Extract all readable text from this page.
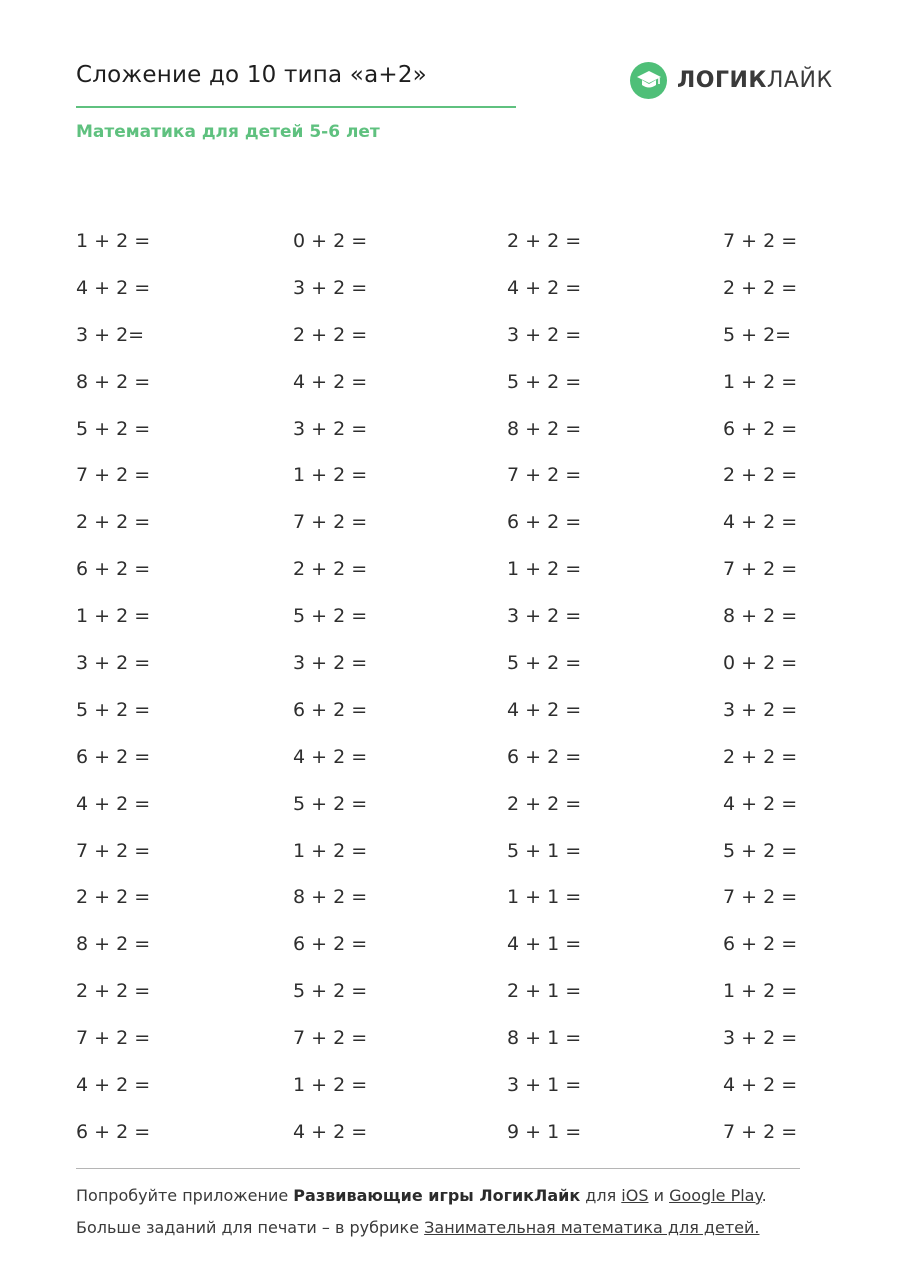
Сложение до 10 типа «а+2»
Математика для детей 5-6 лет
ЛОГИКЛАЙК
1 + 2 =	0 + 2 =	2 + 2 =	7 + 2 =
4 + 2 =	3 + 2 =	4 + 2 =	2 + 2 =
3 + 2=	2 + 2 =	3 + 2 =	5 + 2=
8 + 2 =	4 + 2 =	5 + 2 =	1 + 2 =
5 + 2 =	3 + 2 =	8 + 2 =	6 + 2 =
7 + 2 =	1 + 2 =	7 + 2 =	2 + 2 =
2 + 2 =	7 + 2 =	6 + 2 =	4 + 2 =
6 + 2 =	2 + 2 =	1 + 2 =	7 + 2 =
1 + 2 =	5 + 2 =	3 + 2 =	8 + 2 =
3 + 2 =	3 + 2 =	5 + 2 =	0 + 2 =
5 + 2 =	6 + 2 =	4 + 2 =	3 + 2 =
6 + 2 =	4 + 2 =	6 + 2 =	2 + 2 =
4 + 2 =	5 + 2 =	2 + 2 =	4 + 2 =
7 + 2 =	1 + 2 =	5 + 1 =	5 + 2 =
2 + 2 =	8 + 2 =	1 + 1 =	7 + 2 =
8 + 2 =	6 + 2 =	4 + 1 =	6 + 2 =
2 + 2 =	5 + 2 =	2 + 1 =	1 + 2 =
7 + 2 =	7 + 2 =	8 + 1 =	3 + 2 =
4 + 2 =	1 + 2 =	3 + 1 =	4 + 2 =
6 + 2 =	4 + 2 =	9 + 1 =	7 + 2 =
Попробуйте приложение Развивающие игры ЛогикЛайк для iOS и Google Play.
Больше заданий для печати – в рубрике Занимательная математика для детей.
